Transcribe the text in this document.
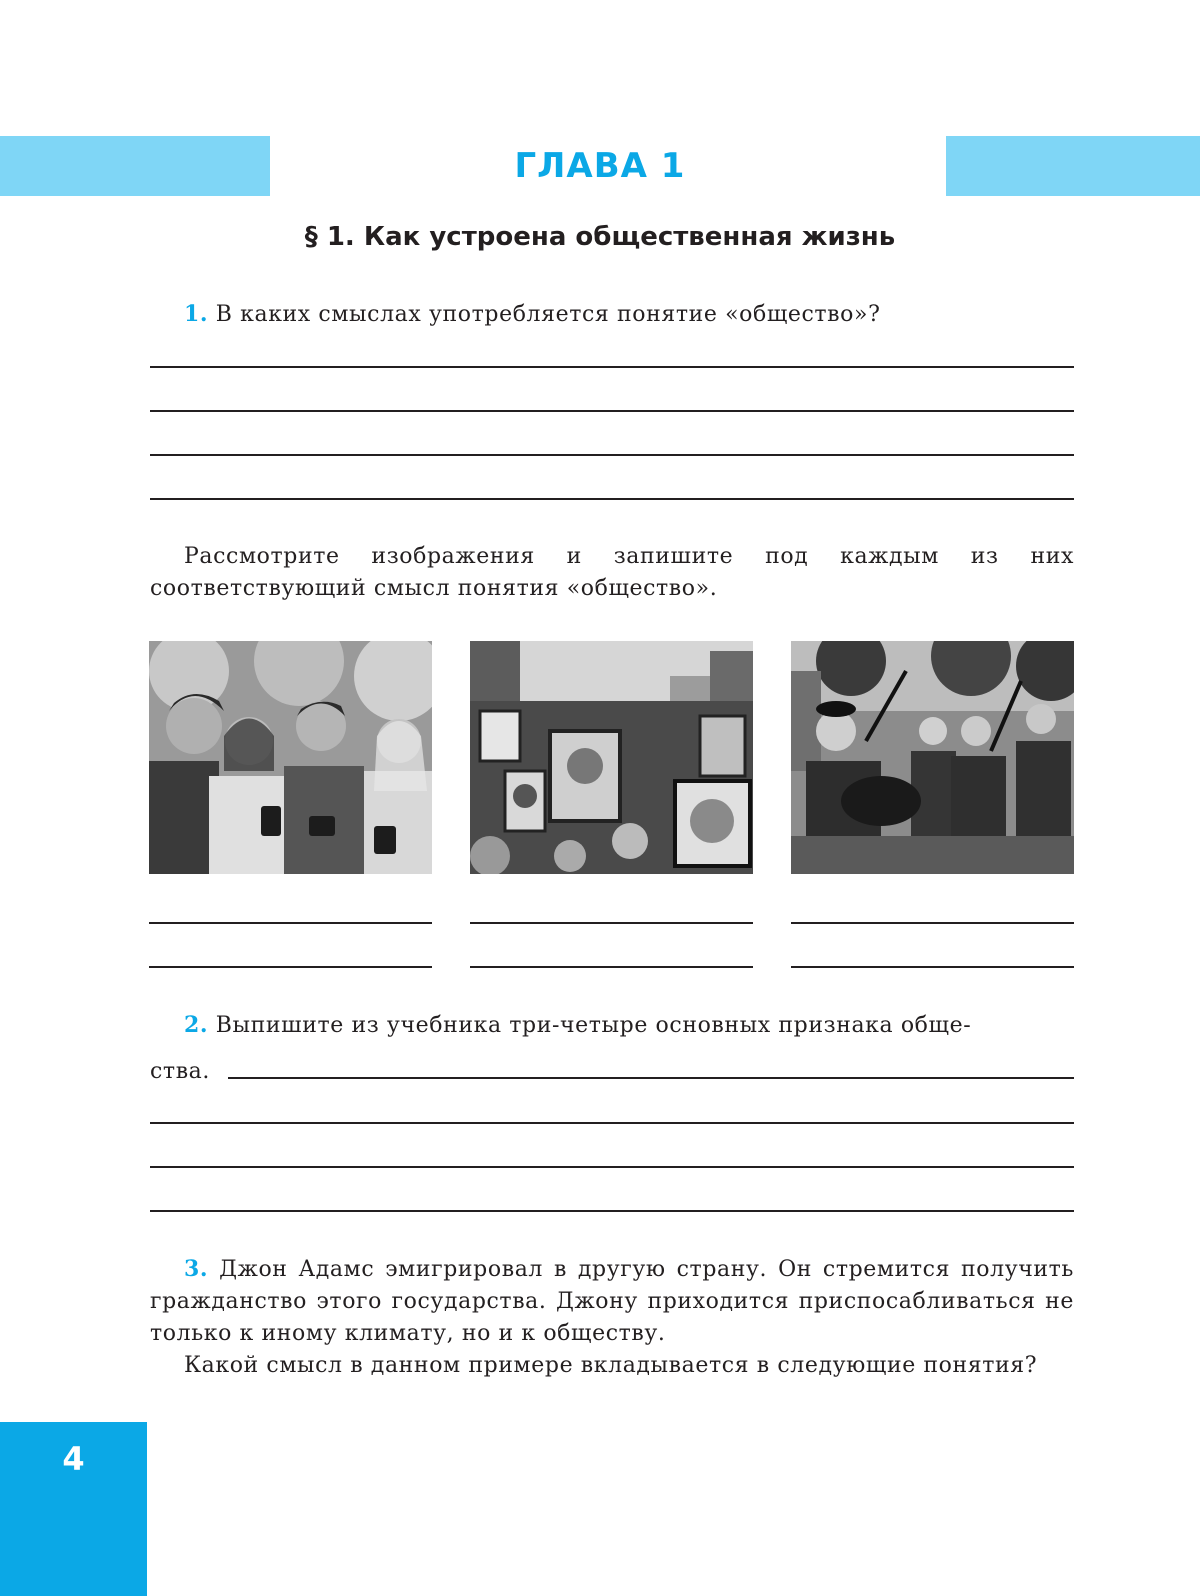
ГЛАВА 1
§ 1. Как устроена общественная жизнь

1. В каких смыслах употребляется понятие «общество»?

Рассмотрите изображения и запишите под каждым из них соответствующий смысл понятия «общество».

2. Выпишите из учебника три-четыре основных признака обще-

ства.

3. Джон Адамс эмигрировал в другую страну. Он стремится получить гражданство этого государства. Джону приходится приспосабливаться не только к иному климату, но и к обществу.

Какой смысл в данном примере вкладывается в следующие понятия?

4
